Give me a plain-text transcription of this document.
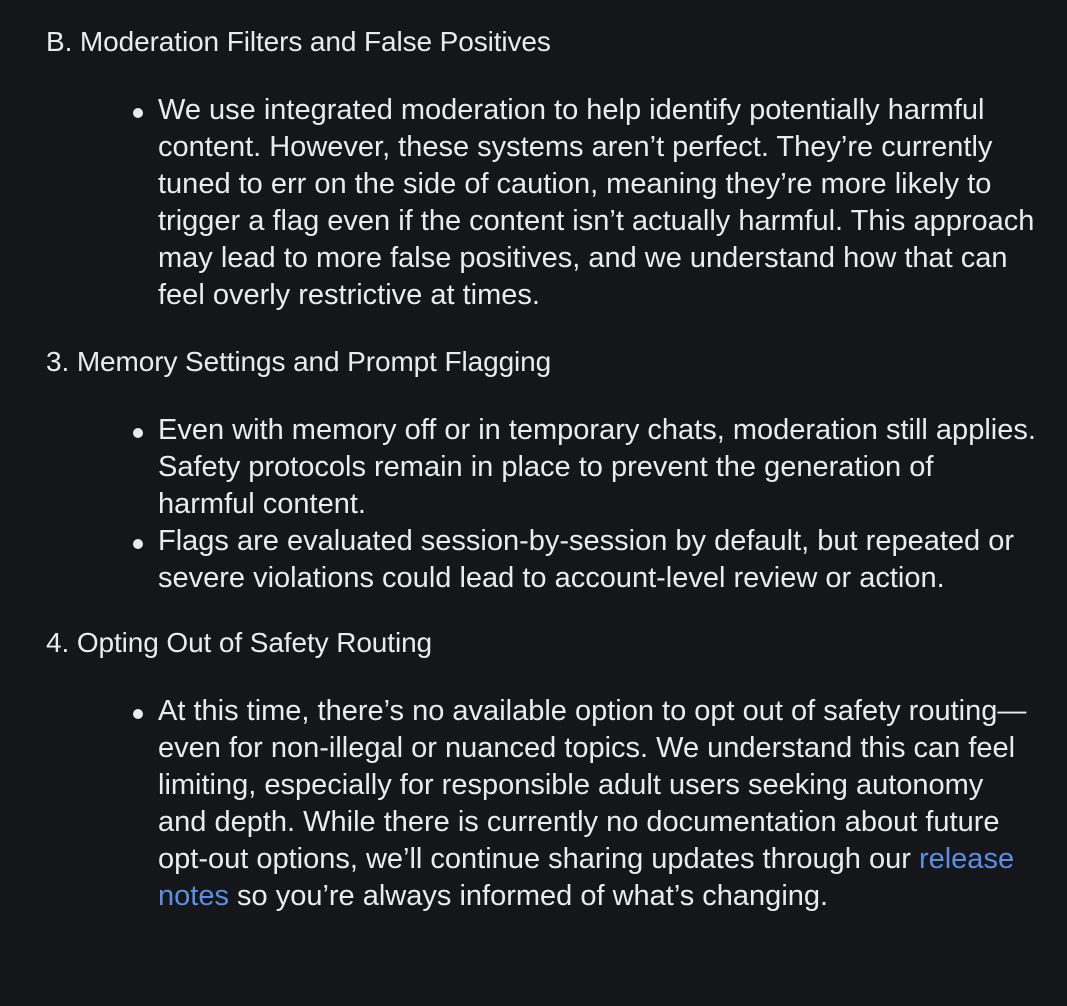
B. Moderation Filters and False Positives
We use integrated moderation to help identify potentially harmful content. However, these systems aren’t perfect. They’re currently tuned to err on the side of caution, meaning they’re more likely to trigger a flag even if the content isn’t actually harmful. This approach may lead to more false positives, and we understand how that can feel overly restrictive at times.
3. Memory Settings and Prompt Flagging
Even with memory off or in temporary chats, moderation still applies. Safety protocols remain in place to prevent the generation of harmful content.
Flags are evaluated session-by-session by default, but repeated or severe violations could lead to account-level review or action.
4. Opting Out of Safety Routing
At this time, there’s no available option to opt out of safety routing—even for non-illegal or nuanced topics. We understand this can feel limiting, especially for responsible adult users seeking autonomy and depth. While there is currently no documentation about future opt-out options, we’ll continue sharing updates through our release notes so you’re always informed of what’s changing.
